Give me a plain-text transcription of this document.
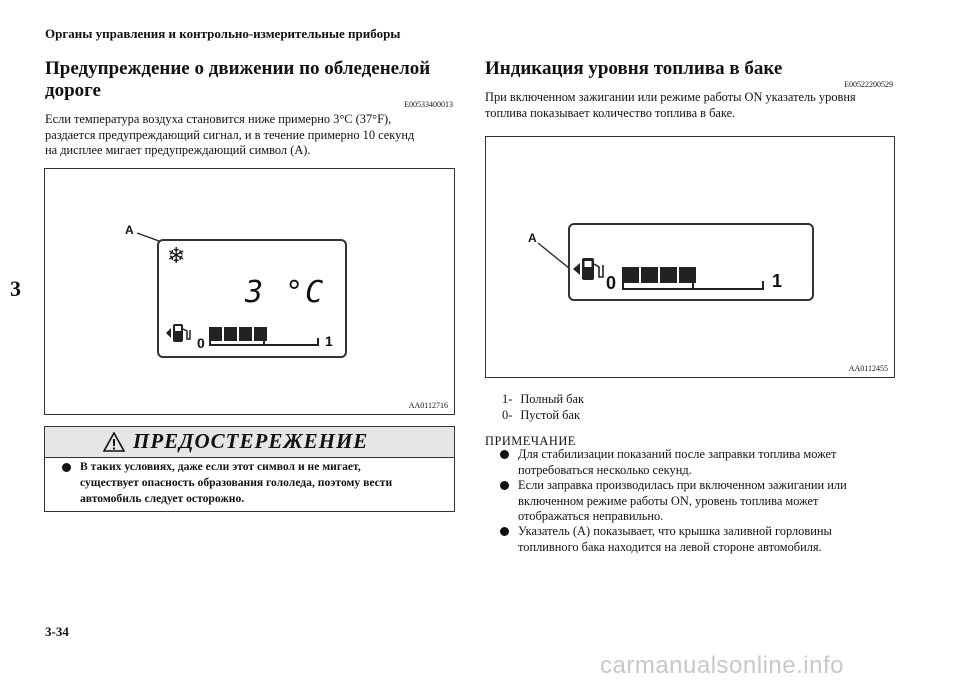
Органы управления и контрольно-измерительные приборы
3
Предупреждение о движении по обледенелой
дороге
E00533400013
Если температура воздуха становится ниже примерно 3°C (37°F),
раздается предупреждающий сигнал, и в течение примерно 10 секунд
на дисплее мигает предупреждающий символ (A).
A
❄
3 °C
0	1
AA0112716
ПРЕДОСТЕРЕЖЕНИЕ
В таких условиях, даже если этот символ и не мигает,
существует опасность образования гололеда, поэтому вести
автомобиль следует осторожно.
Индикация уровня топлива в баке
E00522200529
При включенном зажигании или режиме работы ON указатель уровня
топлива показывает количество топлива в баке.
A
0	1
AA0112455
1- Полный бак
0- Пустой бак
ПРИМЕЧАНИЕ
Для стабилизации показаний после заправки топлива может
потребоваться несколько секунд.
Если заправка производилась при включенном зажигании или
включенном режиме работы ON, уровень топлива может
отображаться неправильно.
Указатель (A) показывает, что крышка заливной горловины
топливного бака находится на левой стороне автомобиля.
3-34
carmanualsonline.info
